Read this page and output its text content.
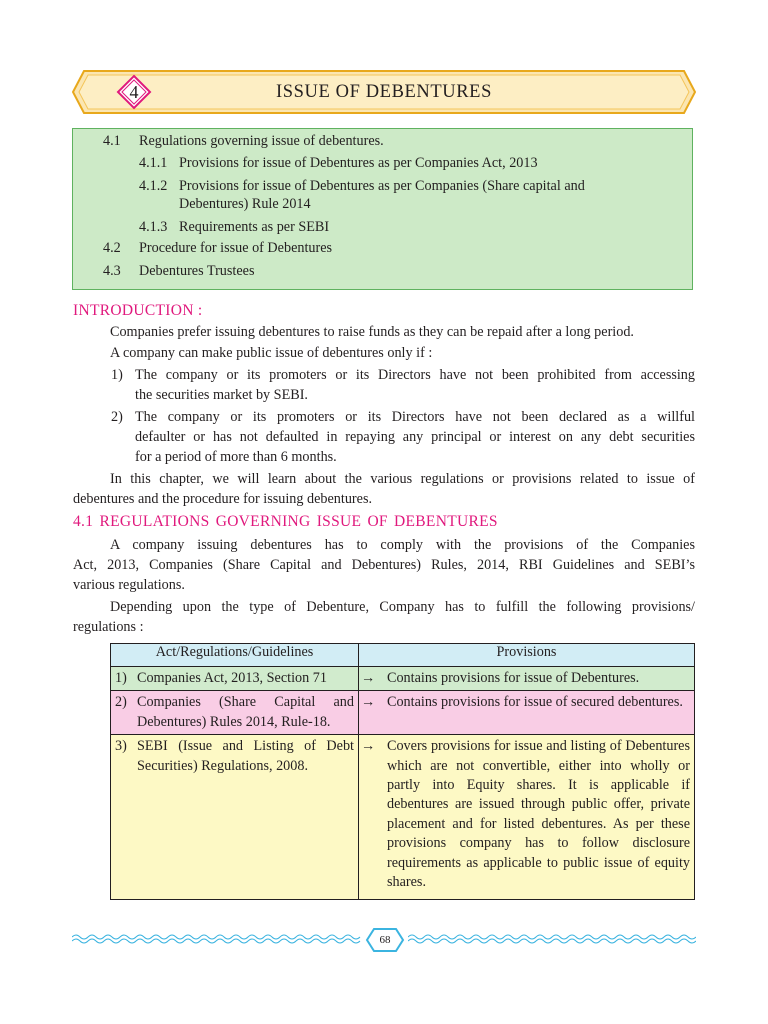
4	ISSUE OF DEBENTURES
4.1 Regulations governing issue of debentures.
4.1.1 Provisions for issue of Debentures as per Companies Act, 2013
4.1.2 Provisions for issue of Debentures as per Companies (Share capital and
Debentures) Rule 2014
4.1.3 Requirements as per SEBI
4.2 Procedure for issue of Debentures
4.3 Debentures Trustees
INTRODUCTION :
Companies prefer issuing debentures to raise funds as they can be repaid after a long period.
A company can make public issue of debentures only if :
1) The company or its promoters or its Directors have not been prohibited from accessing
the securities market by SEBI.
2) The company or its promoters or its Directors have not been declared as a willful
defaulter or has not defaulted in repaying any principal or interest on any debt securities
for a period of more than 6 months.
In this chapter, we will learn about the various regulations or provisions related to issue of
debentures and the procedure for issuing debentures.
4.1 REGULATIONS GOVERNING ISSUE OF DEBENTURES
A company issuing debentures has to comply with the provisions of the Companies
Act, 2013, Companies (Share Capital and Debentures) Rules, 2014, RBI Guidelines and SEBI’s
various regulations.
Depending upon the type of Debenture, Company has to fulfill the following provisions/
regulations :
Act/Regulations/Guidelines	Provisions

1) Companies Act, 2013, Section 71	→ Contains provisions for issue of Debentures.

2) Companies (Share Capital and Debentures) Rules 2014, Rule-18.	→ Contains provisions for issue of secured debentures.

3) SEBI (Issue and Listing of Debt Securities) Regulations, 2008.	→ Covers provisions for issue and listing of Debentures which are not convertible, either into wholly or partly into Equity shares. It is applicable if debentures are issued through public offer, private placement and for listed debentures. As per these provisions company has to follow disclosure requirements as applicable to public issue of equity shares.
68
